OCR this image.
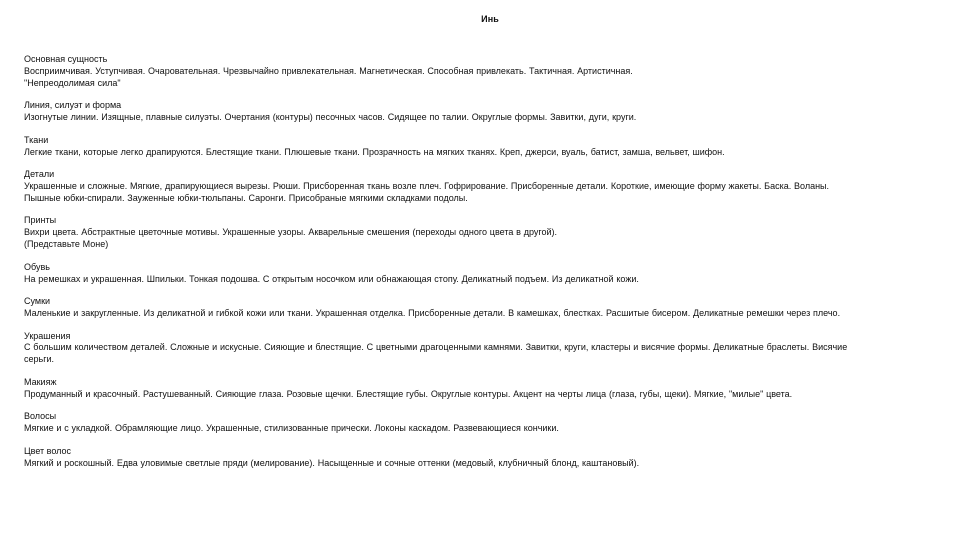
Инь
Основная сущность
Восприимчивая. Уступчивая. Очаровательная. Чрезвычайно привлекательная. Магнетическая. Способная привлекать. Тактичная. Артистичная.
"Непреодолимая сила"
Линия, силуэт и форма
Изогнутые линии. Изящные, плавные силуэты. Очертания (контуры) песочных часов. Сидящее по талии. Округлые формы. Завитки, дуги, круги.
Ткани
Легкие ткани, которые легко драпируются. Блестящие ткани. Плюшевые ткани. Прозрачность на мягких тканях. Креп, джерси, вуаль, батист, замша, вельвет, шифон.
Детали
Украшенные и сложные. Мягкие, драпирующиеся вырезы. Рюши. Присборенная ткань возле плеч. Гофрирование. Присборенные детали. Короткие, имеющие форму жакеты. Баска. Воланы.
Пышные юбки-спирали. Зауженные юбки-тюльпаны. Саронги. Присобраные мягкими складками подолы.
Принты
Вихри цвета. Абстрактные цветочные мотивы. Украшенные узоры. Акварельные смешения (переходы одного цвета в другой).
(Представьте Моне)
Обувь
На ремешках и украшенная. Шпильки. Тонкая подошва. С открытым носочком или обнажающая стопу. Деликатный подъем. Из деликатной кожи.
Сумки
Маленькие и закругленные. Из деликатной и гибкой кожи или ткани. Украшенная отделка. Присборенные детали. В камешках, блестках. Расшитые бисером. Деликатные ремешки через плечо.
Украшения
С большим количеством деталей. Сложные и искусные. Сияющие и блестящие. С цветными драгоценными камнями. Завитки, круги, кластеры и висячие формы. Деликатные браслеты. Висячие
серьги.
Макияж
Продуманный и красочный. Растушеванный. Сияющие глаза. Розовые щечки. Блестящие губы. Округлые контуры. Акцент на черты лица (глаза, губы, щеки). Мягкие, "милые" цвета.
Волосы
Мягкие и с укладкой. Обрамляющие лицо. Украшенные, стилизованные прически. Локоны каскадом. Развевающиеся кончики.
Цвет волос
Мягкий и роскошный. Едва уловимые светлые пряди (мелирование). Насыщенные и сочные оттенки (медовый, клубничный блонд, каштановый).
